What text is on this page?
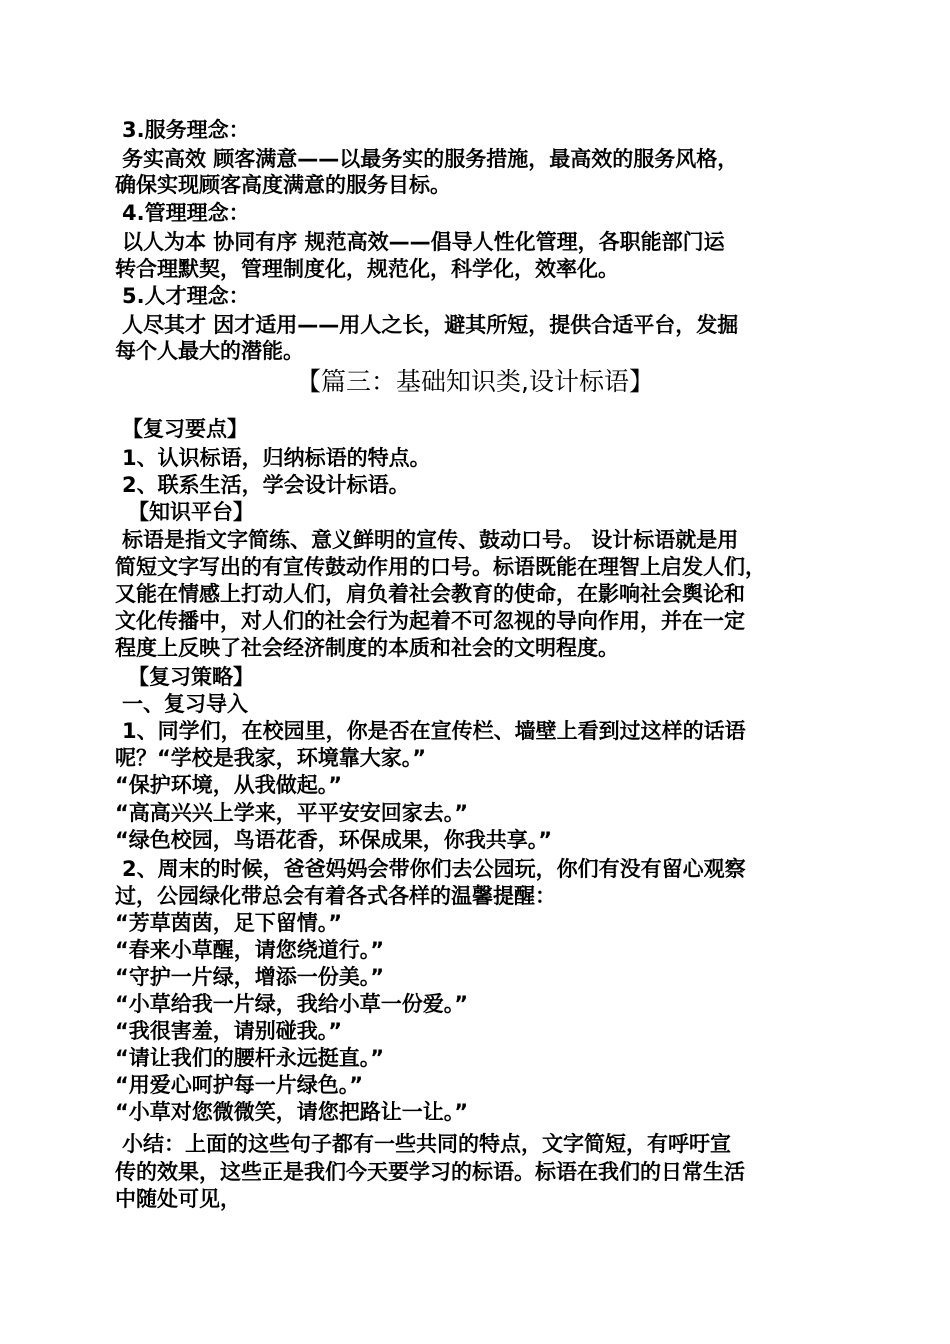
3.服务理念：
务实高效 顾客满意——以最务实的服务措施，最高效的服务风格，
确保实现顾客高度满意的服务目标。
4.管理理念：
以人为本 协同有序 规范高效——倡导人性化管理，各职能部门运
转合理默契，管理制度化，规范化，科学化，效率化。
5.人才理念：
人尽其才 因才适用——用人之长，避其所短，提供合适平台，发掘
每个人最大的潜能。
【篇三：基础知识类,设计标语】
【复习要点】
1、认识标语，归纳标语的特点。
2、联系生活，学会设计标语。
【知识平台】
标语是指文字简练、意义鲜明的宣传、鼓动口号。 设计标语就是用
简短文字写出的有宣传鼓动作用的口号。标语既能在理智上启发人们，
又能在情感上打动人们，肩负着社会教育的使命，在影响社会舆论和
文化传播中，对人们的社会行为起着不可忽视的导向作用，并在一定
程度上反映了社会经济制度的本质和社会的文明程度。
【复习策略】
一、复习导入
1、同学们，在校园里，你是否在宣传栏、墙壁上看到过这样的话语
呢？“学校是我家，环境靠大家。”
“保护环境，从我做起。”
“高高兴兴上学来，平平安安回家去。”
“绿色校园，鸟语花香，环保成果，你我共享。”
2、周末的时候，爸爸妈妈会带你们去公园玩，你们有没有留心观察
过，公园绿化带总会有着各式各样的温馨提醒：
“芳草茵茵，足下留情。”
“春来小草醒，请您绕道行。”
“守护一片绿，增添一份美。”
“小草给我一片绿，我给小草一份爱。”
“我很害羞，请别碰我。”
“请让我们的腰杆永远挺直。”
“用爱心呵护每一片绿色。”
“小草对您微微笑，请您把路让一让。”
小结：上面的这些句子都有一些共同的特点，文字简短，有呼吁宣
传的效果，这些正是我们今天要学习的标语。标语在我们的日常生活
中随处可见，
